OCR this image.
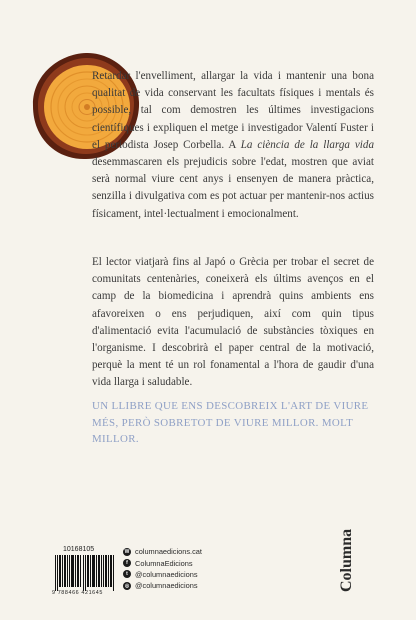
Retardar l'envelliment, allargar la vida i mantenir una bona qualitat de vida conservant les facultats físiques i mentals és possible, tal com demostren les últimes investigacions científiques i expliquen el metge i investigador Valentí Fuster i el periodista Josep Corbella. A La ciència de la llarga vida desemmascaren els prejudicis sobre l'edat, mostren que aviat serà normal viure cent anys i ensenyen de manera pràctica, senzilla i divulgativa com es pot actuar per mantenir-nos actius físicament, intel·lectualment i emocionalment.

El lector viatjarà fins al Japó o Grècia per trobar el secret de comunitats centenàries, coneixerà els últims avenços en el camp de la biomedicina i aprendrà quins ambients ens afavoreixen o ens perjudiquen, així com quin tipus d'alimentació evita l'acumulació de substàncies tòxiques en l'organisme. I descobrirà el paper central de la motivació, perquè la ment té un rol fonamental a l'hora de gaudir d'una vida llarga i saludable.

UN LLIBRE QUE ENS DESCOBREIX L'ART DE VIURE MÉS, PERÒ SOBRETOT DE VIURE MILLOR. MOLT MILLOR.
10168105
9 788466 421645
W columnaedicions.cat
f ColumnaEdicions
t @columnaedicions
◎ @columnaedicions	Columna
